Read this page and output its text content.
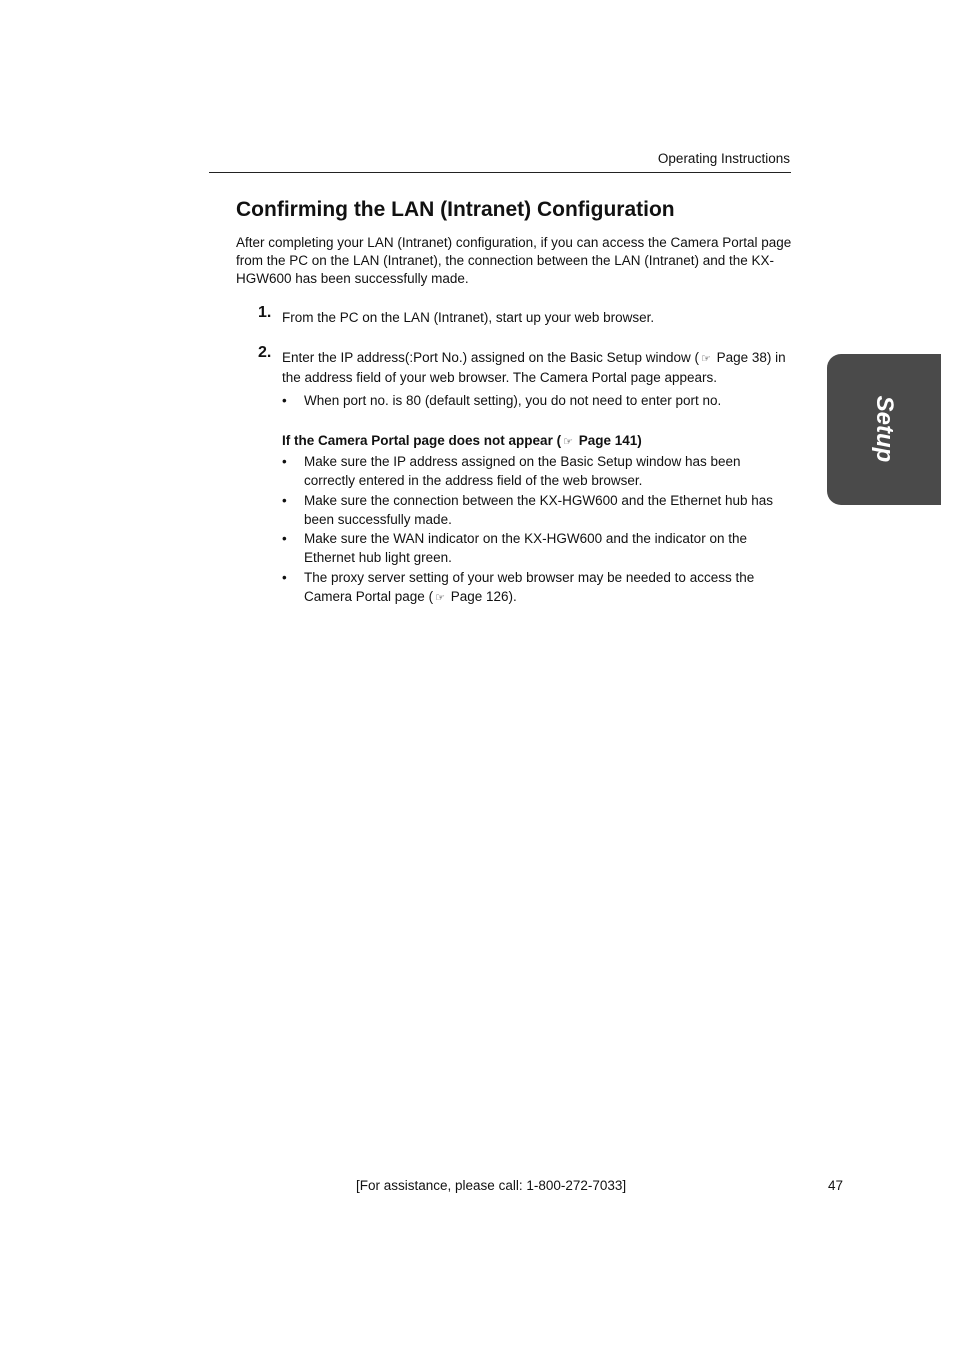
Operating Instructions
Confirming the LAN (Intranet) Configuration

After completing your LAN (Intranet) configuration, if you can access the Camera Portal page from the PC on the LAN (Intranet), the connection between the LAN (Intranet) and the KX-HGW600 has been successfully made.

1. From the PC on the LAN (Intranet), start up your web browser.
2. Enter the IP address(:Port No.) assigned on the Basic Setup window ( ☞ Page 38) in the address field of your web browser. The Camera Portal page appears.
• When port no. is 80 (default setting), you do not need to enter port no.
If the Camera Portal page does not appear ( ☞ Page 141)
• Make sure the IP address assigned on the Basic Setup window has been correctly entered in the address field of the web browser.
• Make sure the connection between the KX-HGW600 and the Ethernet hub has been successfully made.
• Make sure the WAN indicator on the KX-HGW600 and the indicator on the Ethernet hub light green.
• The proxy server setting of your web browser may be needed to access the Camera Portal page ( ☞ Page 126).
Setup
[For assistance, please call: 1-800-272-7033]	47
